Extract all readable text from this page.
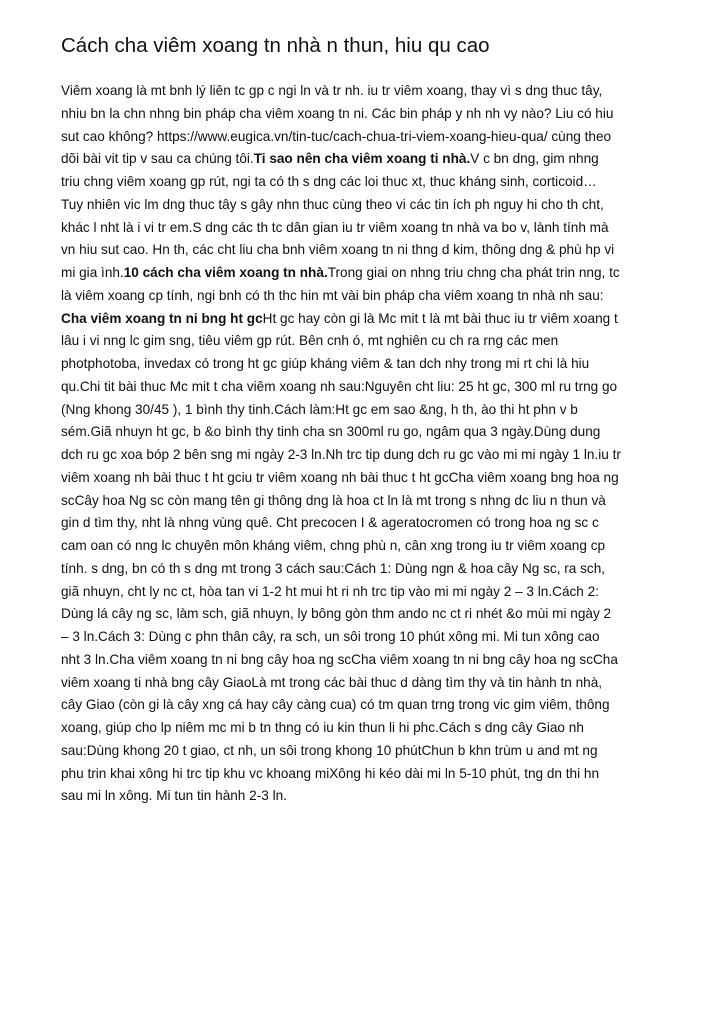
Cách cha viêm xoang tn nhà n thun, hiu qu cao
Viêm xoang là mt bnh lý liên tc gp c ngi ln và tr nh. iu tr viêm xoang, thay vì s dng thuc tây,
nhiu bn la chn nhng bin pháp cha viêm xoang tn ni. Các bin pháp y nh nh vy nào? Liu có hiu
sut cao không? https://www.eugica.vn/tin-tuc/cach-chua-tri-viem-xoang-hieu-qua/ cùng theo
dõi bài vit tip v sau ca chúng tôi.Ti sao nên cha viêm xoang ti nhà.V c bn dng, gim nhng
triu chng viêm xoang gp rút, ngi ta có th s dng các loi thuc xt, thuc kháng sinh, corticoid…
Tuy nhiên vic lm dng thuc tây s gây nhn thuc cùng theo vi các tin ích ph nguy hi cho th cht,
khác l nht là i vi tr em.S dng các th tc dân gian iu tr viêm xoang tn nhà va bo v, lành tính mà
vn hiu sut cao. Hn th, các cht liu cha bnh viêm xoang tn ni thng d kim, thông dng & phù hp vi
mi gia ình.10 cách cha viêm xoang tn nhà.Trong giai on nhng triu chng cha phát trin nng, tc
là viêm xoang cp tính, ngi bnh có th thc hin mt vài bin pháp cha viêm xoang tn nhà nh sau:
Cha viêm xoang tn ni bng ht gcHt gc hay còn gi là Mc mit t là mt bài thuc iu tr viêm xoang t
lâu i vi nng lc gim sng, tiêu viêm gp rút. Bên cnh ó, mt nghiên cu ch ra rng các men
photphotoba, invedax có trong ht gc giúp kháng viêm & tan dch nhy trong mi rt chi là hiu
qu.Chi tit bài thuc Mc mit t cha viêm xoang nh sau:Nguyên cht liu: 25 ht gc, 300 ml ru trng go
(Nng khong 30/45 ), 1 bình thy tinh.Cách làm:Ht gc em sao &ng, h th, ào thi ht phn v b
sém.Giã nhuyn ht gc, b &o bình thy tinh cha sn 300ml ru go, ngâm qua 3 ngày.Dùng dung
dch ru gc xoa bóp 2 bên sng mi ngày 2-3 ln.Nh trc tip dung dch ru gc vào mi mi ngày 1 ln.iu tr
viêm xoang nh bài thuc t ht gciu tr viêm xoang nh bài thuc t ht gcCha viêm xoang bng hoa ng
scCây hoa Ng sc còn mang tên gi thông dng là hoa ct ln là mt trong s nhng dc liu n thun và
gin d tìm thy, nht là nhng vùng quê. Cht precocen I & ageratocromen có trong hoa ng sc c
cam oan có nng lc chuyên môn kháng viêm, chng phù n, cân xng trong iu tr viêm xoang cp
tính. s dng, bn có th s dng mt trong 3 cách sau:Cách 1: Dùng ngn & hoa cây Ng sc, ra sch,
giã nhuyn, cht ly nc ct, hòa tan vi 1-2 ht mui ht ri nh trc tip vào mi mi ngày 2 – 3 ln.Cách 2:
Dùng lá cây ng sc, làm sch, giã nhuyn, ly bông gòn thm ando nc ct ri nhét &o mùi mi ngày 2
– 3 ln.Cách 3: Dùng c phn thân cây, ra sch, un sôi trong 10 phút xông mi. Mi tun xông cao
nht 3 ln.Cha viêm xoang tn ni bng cây hoa ng scCha viêm xoang tn ni bng cây hoa ng scCha
viêm xoang ti nhà bng cây GiaoLà mt trong các bài thuc d dàng tìm thy và tin hành tn nhà,
cây Giao (còn gi là cây xng cá hay cây càng cua) có tm quan trng trong vic gim viêm, thông
xoang, giúp cho lp niêm mc mi b tn thng có iu kin thun li hi phc.Cách s dng cây Giao nh
sau:Dùng khong 20 t giao, ct nh, un sôi trong khong 10 phútChun b khn trùm u and mt ng
phu trin khai xông hi trc tip khu vc khoang miXông hi kéo dài mi ln 5-10 phút, tng dn thi hn
sau mi ln xông. Mi tun tin hành 2-3 ln.
